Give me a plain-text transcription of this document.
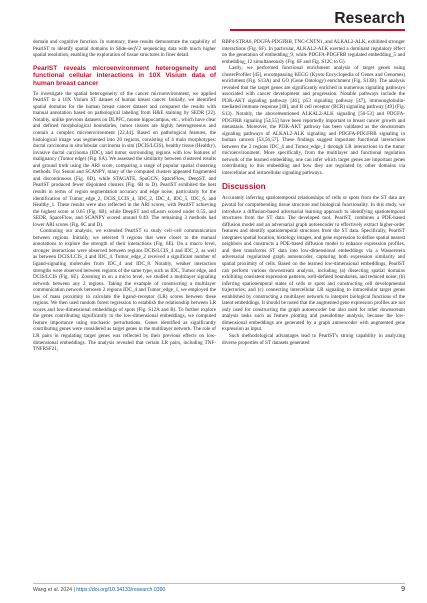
Research

domain and cognitive function. In summary, these results demonstrate the capability of PearlST to identify spatial domains in Slide-seqV2 sequencing data with much higher spatial resolution, enabling the exploration of tissue structures in finer detail.

PearlST reveals microenvironment heterogeneity and functional cellular interactions in 10X Visium data of human breast cancer

To investigate the spatial heterogeneity of the cancer microenvironment, we applied PearlST to a 10X Visium ST dataset of human breast cancer. Initially, we identified spatial domains for the human breast cancer dataset and compared the results with manual annotation based on pathological labeling from H&E staining by SEDR [22]. Notably, unlike previous datasets on DLPFC, mouse hippocampus, etc., which have clear and defined morphological boundaries, tumor tissues are highly heterogeneous and contain a complex microenvironment [22,44]. Based on pathological features, the histological image was segmented into 20 regions, consisting of 4 main morphotypes: ductal carcinoma in situ/lobular carcinoma in situ (DCIS/LCIS), healthy tissue (Healthy), invasive ductal carcinoma (IDC), and tumor surrounding regions with low features of malignancy (Tumor edge) (Fig. 6A). We assessed the similarity between clustered results and ground truth using the ARI score, comparing a range of popular spatial clustering methods. For Seurat and SCANPY, many of the computed clusters appeared fragmented and discontinuous (Fig. 6D), while STAGATE, SpaGCN, SpaceFlow, DeepST, and PearlST produced fewer disjointed clusters (Fig. 6B to D). PearlST exhibited the best results in terms of region segmentation accuracy and edge noise, particularly for the identification of Tumor_edge_2, DCIS_LCIS_4, IDC_2, IDC_4, IDC_5, IDC_6, and Healthy_1. These results were also reflected in the ARI scores, with PearlST achieving the highest score at 0.65 (Fig. 6B), while DeepST and stLearn scored under 0.55, and SEDR, SpaceFlow, and SCANPY scored around 0.49. The remaining 3 methods had lower ARI scores (Fig. 6C and D).

Continuing our analysis, we extended PearlST to study cell–cell communication between regions. Initially, we selected 9 regions that were closer to the manual annotations to explore the strength of their interactions (Fig. 6E). On a macro level, stronger interactions were observed between regions DCIS/LCIS_4 and IDC_2, as well as between DCIS/LCIS_4 and IDC_4. Tumor_edge_2 received a significant number of ligand-signaling molecules from IDC_4 and IDC_8. Notably, weaker interaction strengths were observed between regions of the same type, such as IDC, Tumor edge, and DCIS/LCIS (Fig. 6E). Zooming in on a micro level, we studied a multilayer signaling network between any 2 regions. Taking the example of constructing a multilayer communication network between 2 regions IDC_4 and Tumor_edge_1, we employed the law of mass proximity to calculate the ligand–receptor (LR) scores between these regions. We then used random forest regression to establish the relationship between LR scores and low-dimensional embeddings of spots (Fig. S12A and B). To further explore the genes contributing significantly to the low-dimensional embeddings, we computed feature importance using stochastic perturbations. Genes identified as significantly contributing genes were considered as target genes in the multilayer network. The role of LR pairs in regulating target genes was reflected by their previous effects on low-dimensional embeddings. The analysis revealed that certain LR pairs, including TNF-TNFRSF21,

RBP4-STRA6, PDGFA-PDGFRB, TNC-CNTN1, and ALKAL2-ALK, exhibited stronger interactions (Fig. 6F). In particular, ALKAL2-ALK exerted a dominant regulatory effect on the generation of embedding_9, while PDGFA-PDGFRB regulated embedding_5 and embedding_12 simultaneously (Fig. 6F and Fig. S12C to G).

Lastly, we performed functional enrichment analysis of target genes using clusterProfiler [45], encompassing KEGG (Kyoto Encyclopedia of Genes and Genomes) enrichment (Fig. S13A) and GO (Gene Ontology) enrichment (Fig. S13B). The analysis revealed that the target genes are significantly enriched in numerous signaling pathways associated with cancer development and progression. Notable pathways include the PI3K-AKT signaling pathway [46], p53 signaling pathway [47], immunoglobulin-mediated immune response [48], and B cell receptor (BCR) signaling pathway [49] (Fig. S13). Notably, the abovementioned ALKAL2-ALK signaling [50-53] and PDGFA-PDGFRB signaling [54,55] have been reportedly important in breast cancer growth and metastasis. Moreover, the PI3K-AKT pathway has been validated as the downstream signaling pathways of ALKAL2-ALK signaling and PDGFA-PDGFRB signaling in human cancers [53,56,57]. These findings suggest important functional interactions between the 2 regions IDC_4 and Tumor_edge_1 through LR interactions in the tumor microenvironment. More specifically, from the multilayer and functional regulation network of the learned embedding, one can infer which target genes are important genes contributing to this embedding and how they are regulated by other domains via intercellular and intracellular signaling pathways.

Discussion

Accurately inferring spatiotemporal relationships of cells or spots from the ST data are pivotal for comprehending tissue structure and biological functionality. In this study, we introduce a diffusion-based adversarial learning approach to identifying spatiotemporal structures from the ST data. The developed tool, PearlST, combines a PDE-based diffusion model and an adversarial graph autoencoder to effectively extract higher-order features and identify spatiotemporal structures from the ST data. Specifically, PearlST integrates spatial location, histology images, and gene expression to define spatial nearest neighbors and constructs a PDE-based diffusion model to enhance expression profiles, and then transforms ST data into low-dimensional embeddings via a Wasserstein adversarial regularized graph autoencoder, capturing both expression similarity and spatial proximity of cells. Based on the learned low-dimensional embeddings, PearlST can perform various downstream analysis, including (a) dissecting spatial domains exhibiting consistent expression patterns, well-defined boundaries, and reduced noise; (b) inferring spatiotemporal states of cells or spots and constructing cell developmental trajectories; and (c) connecting intercellular LR signaling to intracellular target genes established by constructing a multilayer network to interpret biological functions of the latent embeddings. It should be noted that the augmented gene expression profiles are not only used for constructing the graph autoencoder but also used for other downstream analysis tasks such as feature plotting and pseudotime analysis, because the low-dimensional embeddings are generated by a graph autoencoder with augmented gene expression as input.

Such methodological advantages lead to PearlST's strong capability in analyzing diverse properties of ST datasets generated

Wang et al. 2024 | https://doi.org/10.34133/research.0390	9
